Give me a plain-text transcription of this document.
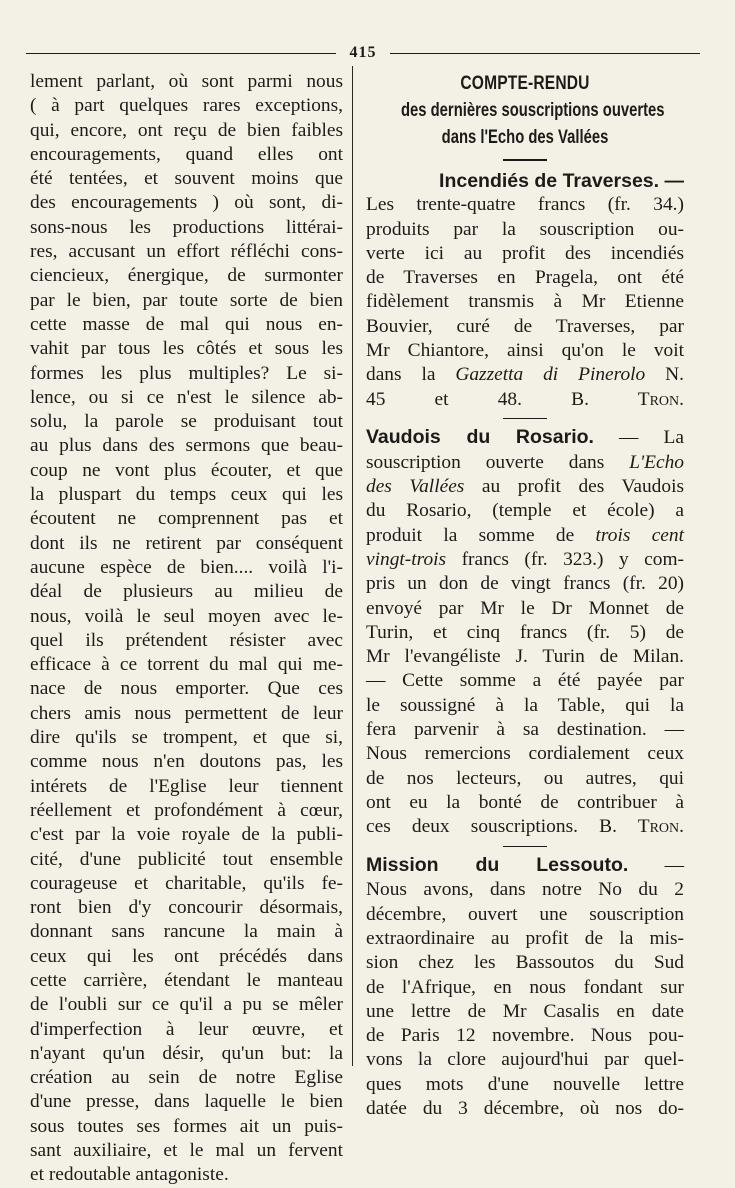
415
lement parlant, où sont parmi nous
( à part quelques rares exceptions,
qui, encore, ont reçu de bien faibles
encouragements, quand elles ont
été tentées, et souvent moins que
des encouragements ) où sont, di-
sons-nous les productions littérai-
res, accusant un effort réfléchi cons-
ciencieux, énergique, de surmonter
par le bien, par toute sorte de bien
cette masse de mal qui nous en-
vahit par tous les côtés et sous les
formes les plus multiples? Le si-
lence, ou si ce n'est le silence ab-
solu, la parole se produisant tout
au plus dans des sermons que beau-
coup ne vont plus écouter, et que
la pluspart du temps ceux qui les
écoutent ne comprennent pas et
dont ils ne retirent par conséquent
aucune espèce de bien.... voilà l'i-
déal de plusieurs au milieu de
nous, voilà le seul moyen avec le-
quel ils prétendent résister avec
efficace à ce torrent du mal qui me-
nace de nous emporter. Que ces
chers amis nous permettent de leur
dire qu'ils se trompent, et que si,
comme nous n'en doutons pas, les
intérets de l'Eglise leur tiennent
réellement et profondément à cœur,
c'est par la voie royale de la publi-
cité, d'une publicité tout ensemble
courageuse et charitable, qu'ils fe-
ront bien d'y concourir désormais,
donnant sans rancune la main à
ceux qui les ont précédés dans
cette carrière, étendant le manteau
de l'oubli sur ce qu'il a pu se mêler
d'imperfection à leur œuvre, et
n'ayant qu'un désir, qu'un but: la
création au sein de notre Eglise
d'une presse, dans laquelle le bien
sous toutes ses formes ait un puis-
sant auxiliaire, et le mal un fervent
et redoutable antagoniste.
COMPTE-RENDU
des dernières souscriptions ouvertes
dans l'Echo des Vallées
Incendiés de Traverses. —
Les trente-quatre francs (fr. 34.)
produits par la souscription ou-
verte ici au profit des incendiés
de Traverses en Pragela, ont été
fidèlement transmis à Mr Etienne
Bouvier, curé de Traverses, par
Mr Chiantore, ainsi qu'on le voit
dans la Gazzetta di Pinerolo N.
45 et 48.	B. Tron.
Vaudois du Rosario. — La
souscription ouverte dans L'Echo
des Vallées au profit des Vaudois
du Rosario, (temple et école) a
produit la somme de trois cent
vingt-trois francs (fr. 323.) y com-
pris un don de vingt francs (fr. 20)
envoyé par Mr le Dr Monnet de
Turin, et cinq francs (fr. 5) de
Mr l'evangéliste J. Turin de Milan.
— Cette somme a été payée par
le soussigné à la Table, qui la
fera parvenir à sa destination. —
Nous remercions cordialement ceux
de nos lecteurs, ou autres, qui
ont eu la bonté de contribuer à
ces deux souscriptions. B. Tron.
Mission du Lessouto. —
Nous avons, dans notre No du 2
décembre, ouvert une souscription
extraordinaire au profit de la mis-
sion chez les Bassoutos du Sud
de l'Afrique, en nous fondant sur
une lettre de Mr Casalis en date
de Paris 12 novembre. Nous pou-
vons la clore aujourd'hui par quel-
ques mots d'une nouvelle lettre
datée du 3 décembre, où nos do-
